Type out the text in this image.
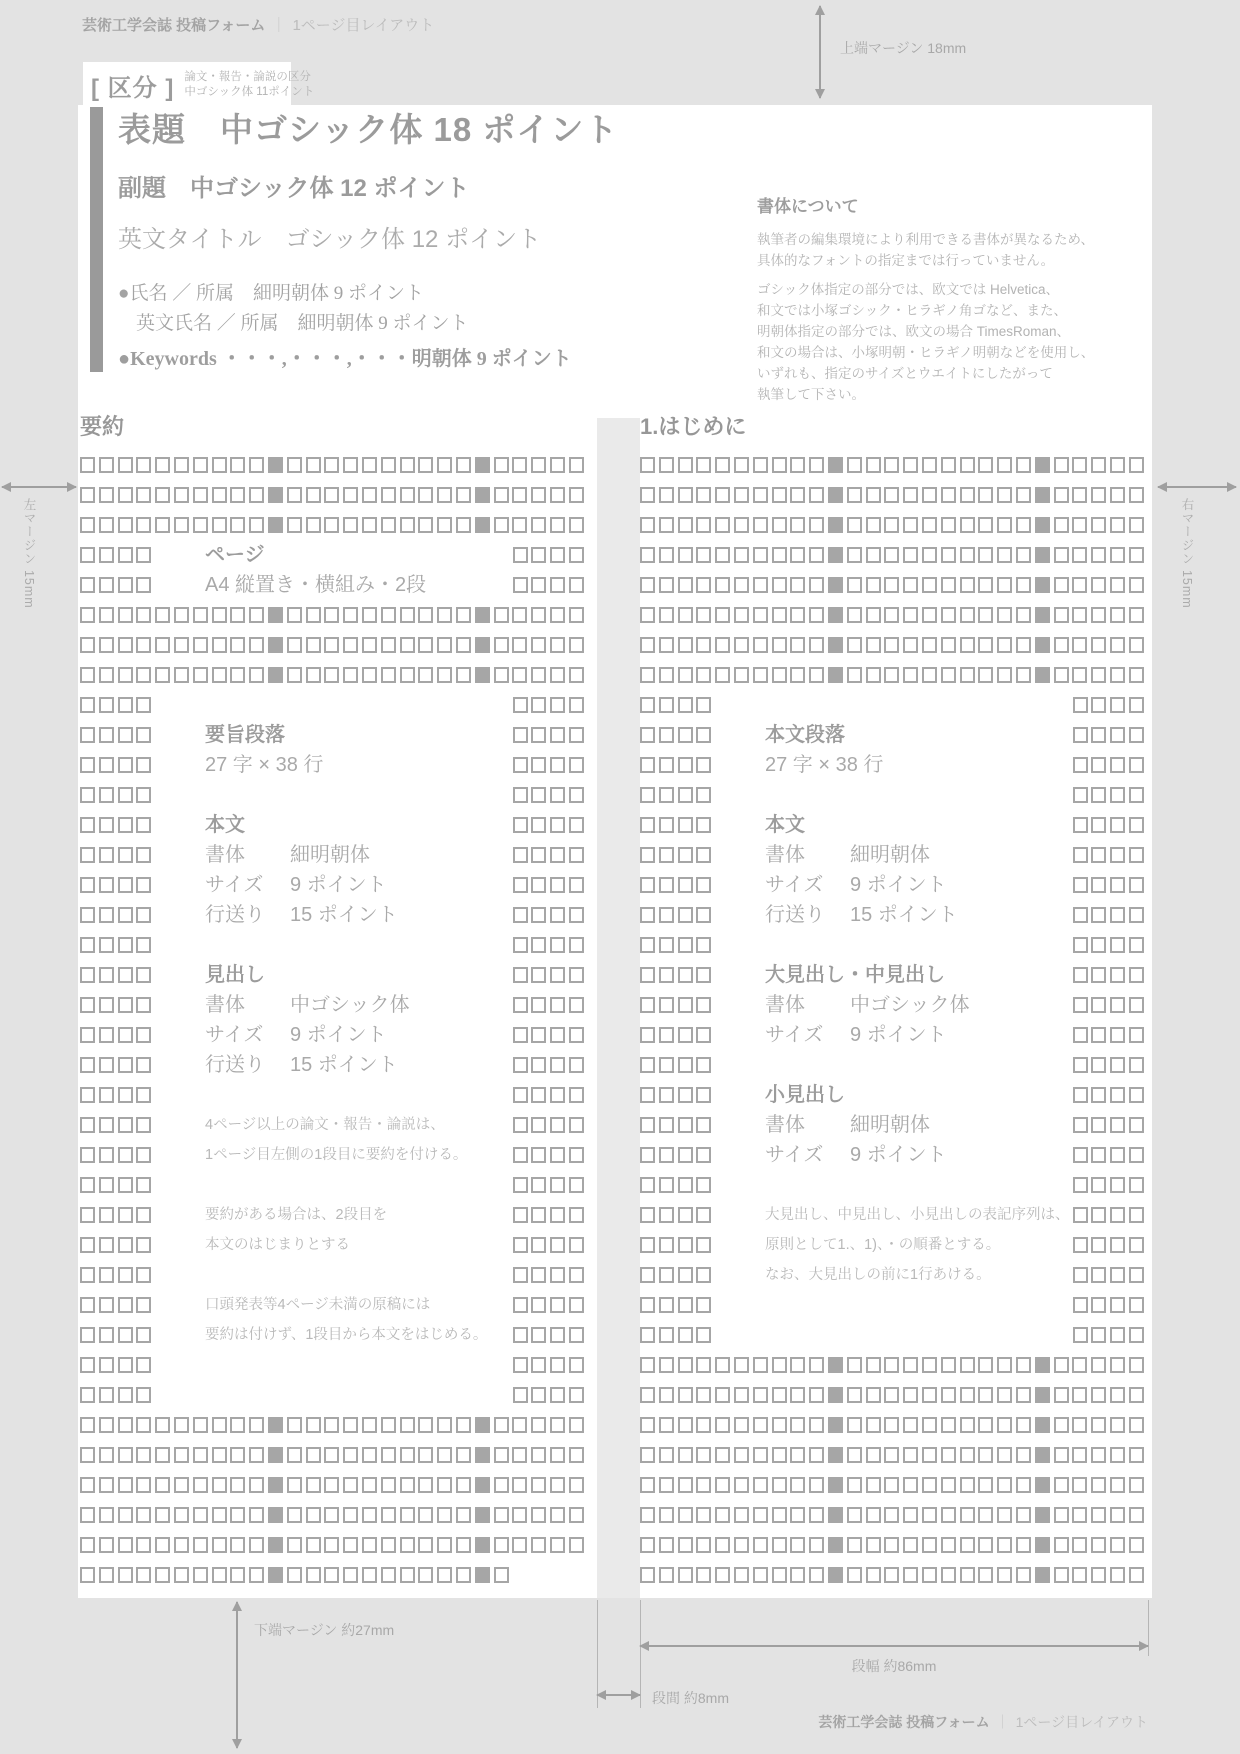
芸術工学会誌 投稿フォーム ｜ 1ページ目レイアウト
上端マージン 18mm
[ 区分 ] 論文・報告・論説の区分
中ゴシック体 11ポイント
表題　中ゴシック体 18 ポイント
副題　中ゴシック体 12 ポイント
英文タイトル　ゴシック体 12 ポイント
●氏名 ／ 所属　細明朝体 9 ポイント
英文氏名 ／ 所属　細明朝体 9 ポイント
●Keywords ・・・,・・・,・・・明朝体 9 ポイント
書体について
執筆者の編集環境により利用できる書体が異なるため、
具体的なフォントの指定までは行っていません。
ゴシック体指定の部分では、欧文では Helvetica、
和文では小塚ゴシック・ヒラギノ角ゴなど、また、
明朝体指定の部分では、欧文の場合 TimesRoman、
和文の場合は、小塚明朝・ヒラギノ明朝などを使用し、
いずれも、指定のサイズとウエイトにしたがって
執筆して下さい。
左マージン 15mm	右マージン 15mm
要約
ページ
A4 縦置き・横組み・2段
要旨段落
27 字 × 38 行
本文
書体 細明朝体
サイズ 9 ポイント
行送り 15 ポイント
見出し
書体 中ゴシック体
サイズ 9 ポイント
行送り 15 ポイント
4ページ以上の論文・報告・論説は、
1ページ目左側の1段目に要約を付ける。
要約がある場合は、2段目を
本文のはじまりとする
口頭発表等4ページ未満の原稿には
要約は付けず、1段目から本文をはじめる。
1.はじめに
本文段落
27 字 × 38 行
本文
書体 細明朝体
サイズ 9 ポイント
行送り 15 ポイント
大見出し・中見出し
書体 中ゴシック体
サイズ 9 ポイント
小見出し
書体 細明朝体
サイズ 9 ポイント
大見出し、中見出し、小見出しの表記序列は、
原則として1.、1)、・の順番とする。
なお、大見出しの前に1行あける。
下端マージン 約27mm
段幅 約86mm
段間 約8mm
芸術工学会誌 投稿フォーム ｜ 1ページ目レイアウト
